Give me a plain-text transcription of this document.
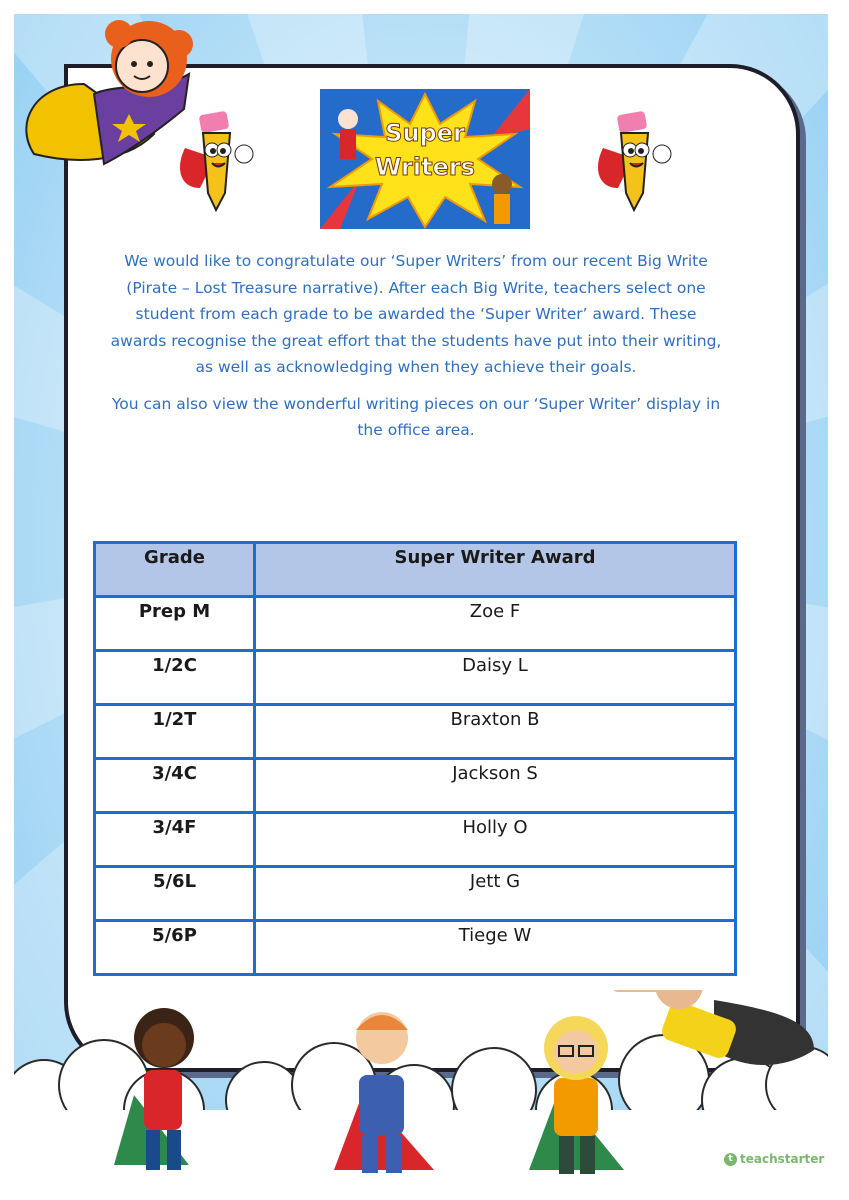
Super
Writers

We would like to congratulate our ‘Super Writers’ from our recent Big Write (Pirate – Lost Treasure narrative). After each Big Write, teachers select one student from each grade to be awarded the ‘Super Writer’ award. These awards recognise the great effort that the students have put into their writing, as well as acknowledging when they achieve their goals.

You can also view the wonderful writing pieces on our ‘Super Writer’ display in the office area.

Grade	Super Writer Award
Prep M	Zoe F
1/2C	Daisy L
1/2T	Braxton B
3/4C	Jackson S
3/4F	Holly O
5/6L	Jett G
5/6P	Tiege W
t teachstarter
